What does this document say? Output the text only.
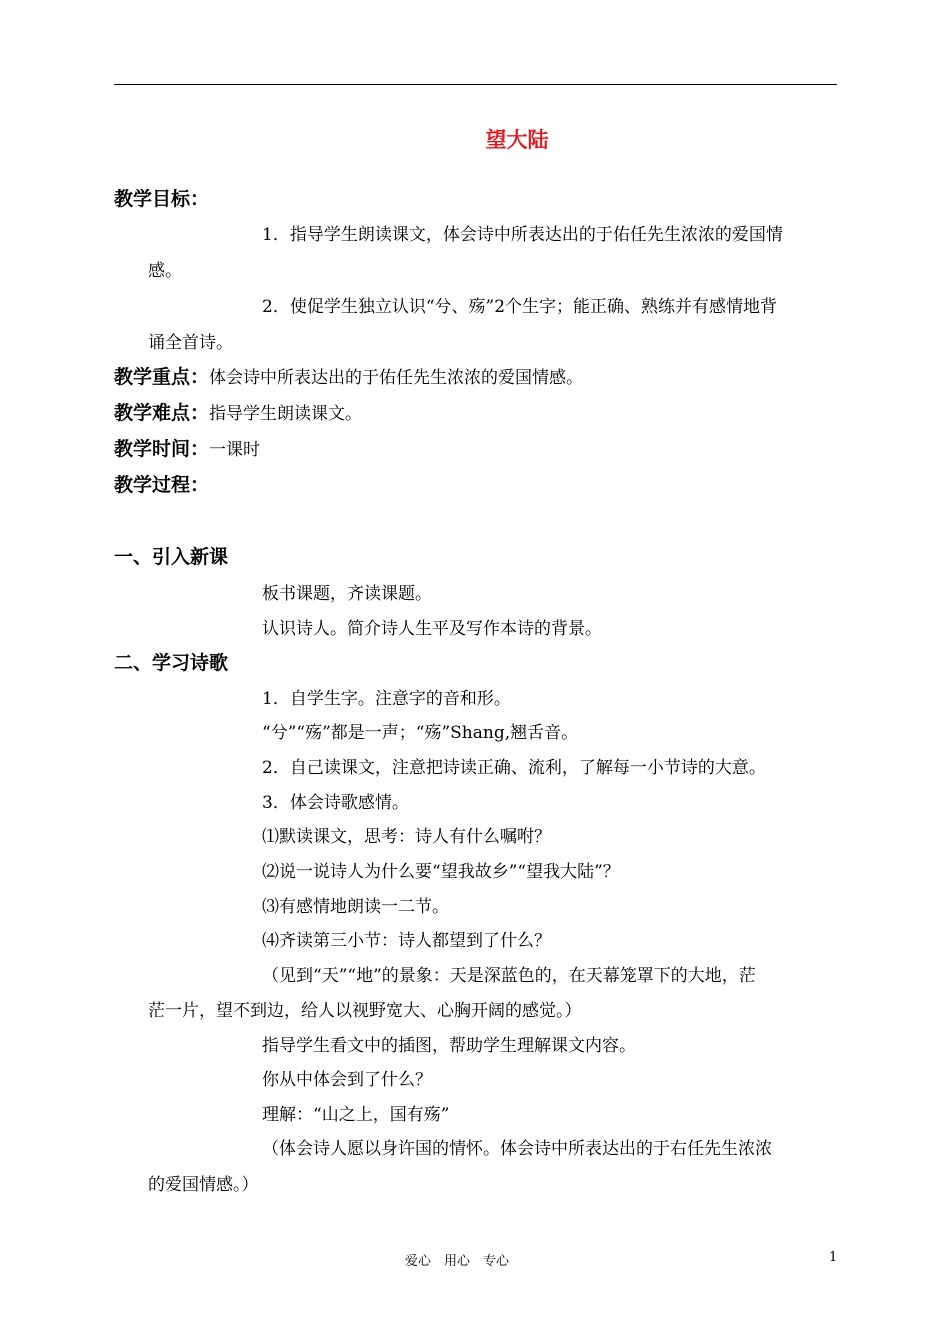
望大陆
教学目标：
1．指导学生朗读课文，体会诗中所表达出的于佑任先生浓浓的爱国情
感。
2．使促学生独立认识“兮、殇”2个生字；能正确、熟练并有感情地背
诵全首诗。
教学重点：体会诗中所表达出的于佑任先生浓浓的爱国情感。
教学难点：指导学生朗读课文。
教学时间：一课时
教学过程：
一、引入新课
板书课题，齐读课题。
认识诗人。简介诗人生平及写作本诗的背景。
二、学习诗歌
1．自学生字。注意字的音和形。
“兮”“殇”都是一声；“殇”Shang,翘舌音。
2．自己读课文，注意把诗读正确、流利，了解每一小节诗的大意。
3．体会诗歌感情。
⑴默读课文，思考：诗人有什么嘱咐？
⑵说一说诗人为什么要“望我故乡”“望我大陆”？
⑶有感情地朗读一二节。
⑷齐读第三小节：诗人都望到了什么？
（见到“天”“地”的景象：天是深蓝色的，在天幕笼罩下的大地，茫
茫一片，望不到边，给人以视野宽大、心胸开阔的感觉。）
指导学生看文中的插图，帮助学生理解课文内容。
你从中体会到了什么？
理解：“山之上，国有殇”
（体会诗人愿以身许国的情怀。体会诗中所表达出的于右任先生浓浓
的爱国情感。）
爱心　用心　专心	1
